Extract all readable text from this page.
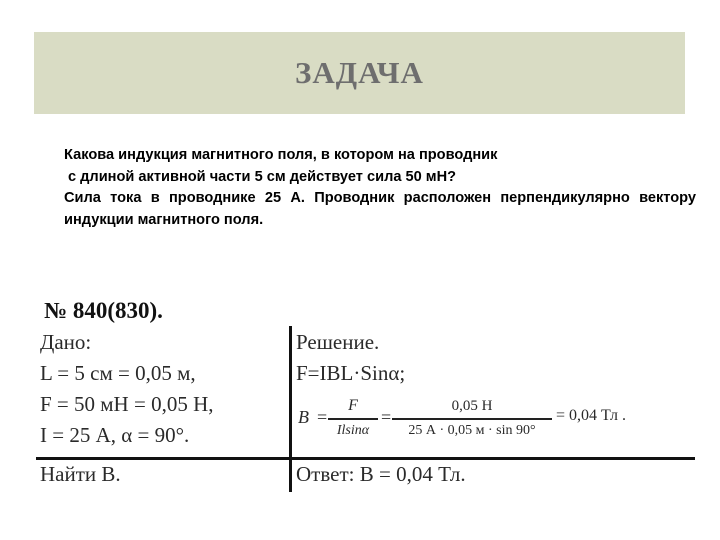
ЗАДАЧА
Какова индукция магнитного поля, в котором на проводник
с длиной активной части 5 см действует сила 50 мН?
Сила тока в проводнике 25 А. Проводник расположен перпендикулярно вектору индукции магнитного поля.
№ 840(830).
Дано:
L = 5 см = 0,05 м,
F = 50 мН = 0,05 Н,
I = 25 А, α = 90°.
Решение.
F=IBL·Sinα;
B =
F
Ilsinα
=
0,05 Н
25 А · 0,05 м · sin 90°
= 0,04 Тл .
Найти В.	Ответ: В = 0,04 Тл.
